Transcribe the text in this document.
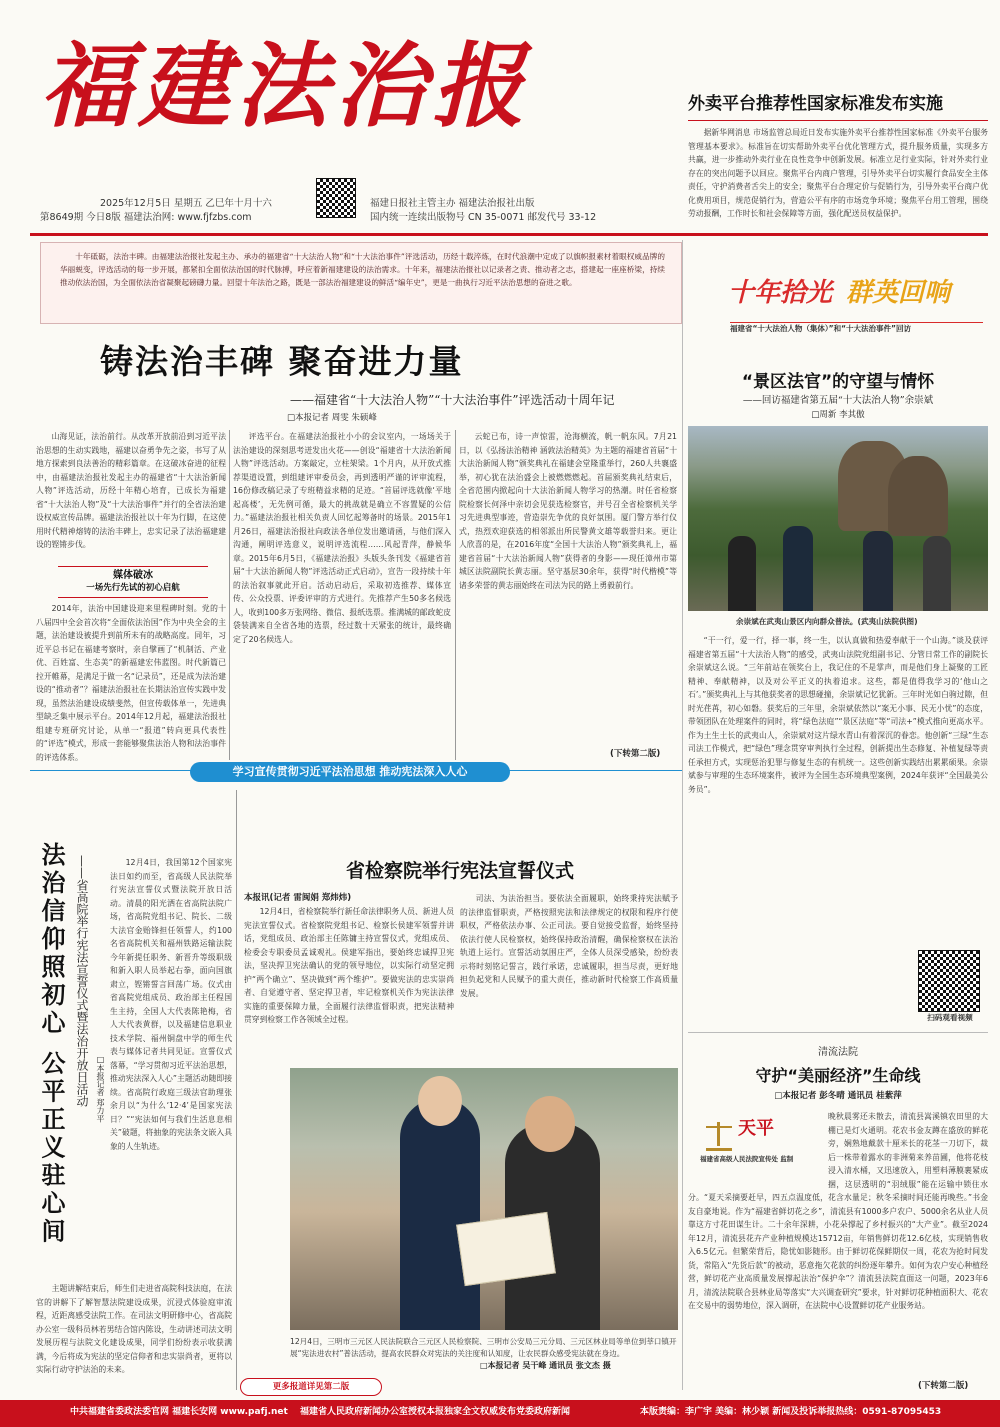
福建法治报
2025年12月5日 星期五 乙巳年十月十六
第8649期 今日8版 福建法治网: www.fjfzbs.com
福建日报社主管主办 福建法治报社出版
国内统一连续出版物号 CN 35-0071 邮发代号 33-12
外卖平台推荐性国家标准发布实施
据新华网消息 市场监管总局近日发布实施外卖平台推荐性国家标准《外卖平台服务管理基本要求》。标准旨在切实帮助外卖平台优化管理方式，提升服务质量，实现多方共赢，进一步推动外卖行业在良性竞争中创新发展。标准立足行业实际，针对外卖行业存在的突出问题予以回应。聚焦平台内商户管理，引导外卖平台切实履行食品安全主体责任，守护消费者舌尖上的安全；聚焦平台合理定价与促销行为，引导外卖平台商户优化费用项目，规范促销行为，营造公平有序的市场竞争环境；聚焦平台用工管理，围绕劳动报酬，工作时长和社会保障等方面，强化配送员权益保护。
十年砥砺，法治丰碑。由福建法治报社发起主办、承办的福建省“十大法治人物”和“十大法治事件”评选活动，历经十载淬炼，在时代浪潮中定成了以旗帜报素材着眼权威品牌的华丽蜕变，评选活动的每一步开展，都紧扣全面依法治国的时代脉搏，呼应着新福建建设的法治需求。十年来，福建法治报社以记录者之责、推动者之志，搭建起一座座桥梁，持续推动依法治国，为全面依法治省凝聚起磅礴力量。回望十年法治之路，既是一部法治福建建设的鲜活“编年史”，更是一曲执行习近平法治思想的奋进之歌。
铸法治丰碑 聚奋进力量
——福建省“十大法治人物”“十大法治事件”评选活动十周年记
□本报记者 周雯 朱硕峰
山海见证，法治前行。从改革开放前沿到习近平法治思想的生动实践地，福建以奋勇争先之姿，书写了从地方探索到良法善治的精彩篇章。在这破冰奋进的征程中，由福建法治报社发起主办的福建省“十大法治新闻人物”评选活动，历经十年精心培育，已成长为福建省“十大法治人物”及“十大法治事件”并行的全省法治建设权威宣传品牌。福建法治报社以十年为行脚，在这使用时代精神熔铸的法治丰碑上，忠实记录了法治福建建设的铿锵步伐。
媒体破冰
一场先行先试的初心启航
2014年，法治中国建设迎来里程碑时刻。党的十八届四中全会首次将“全面依法治国”作为中央全会的主题，法治建设被提升到前所未有的战略高度。同年，习近平总书记在福建考察时，亲自擘画了“机制活、产业优、百姓富、生态美”的新福建宏伟蓝图。时代新篇已拉开帷幕，是满足于做一名“记录员”，还是成为法治建设的“推动者”？福建法治报社在长期法治宣传实践中发现，虽然法治建设成绩斐然，但宣传载体单一，先进典型缺乏集中展示平台。2014年12月起，福建法治报社组建专班研究讨论，从单一“报道”转向更具代表性的“评选”模式，形成一套能够聚焦法治人物和法治事件的评选体系。
评选平台。在福建法治报社小小的会议室内，一场场关于法治建设的深刻思考迸发出火花——创设“福建省十大法治新闻人物”评选活动。方案敲定，立柱架梁。1个月内，从开放式推荐渠道设置，到组建评审委员会，再到透明严谨的评审流程，16份修改稿记录了专班精益求精的足迹。“首届评选就像‘平地起高楼’，无先例可循，最大的挑战就是确立不容置疑的公信力。”福建法治报社相关负责人回忆起筹备时的场景。2015年1月26日，福建法治报社向政法各单位发出邀请函，与他们深入沟通，阐明评选意义，说明评选流程……风起青萍，静候华章。2015年6月5日，《福建法治报》头版头条刊发《福建省首届“十大法治新闻人物”评选活动正式启动》，宣告一段持续十年的法治叙事就此开启。活动启动后，采取初选推荐、媒体宣传、公众投票、评委评审的方式进行。先推荐产生50多名候选人，收到100多万张网络、微信、报纸选票。推满城的邮政蛇皮袋装满来自全省各地的选票，经过数十天紧张的统计，最终确定了20名候选人。
云蛇已布，诗一声惊雷，沧海横流，帆一帆东风。7月21日，以《弘扬法治精神 涵敦法治精英》为主题的福建省首届“十大法治新闻人物”颁奖典礼在福建会堂隆重举行，260人共襄盛举，初心犹在法治盛会上被燃燃燃起。首届颁奖典礼结束后，全省范围内掀起向十大法治新闻人物学习的热潮。时任省检察院检察长何泽中亲切会见获选检察官，并号召全省检察机关学习先进典型事迹，营造崇先争优的良好氛围。厦门警方举行仪式，热烈欢迎获选的相邻派出所民警黄文雄等载誉归来。更让人欣喜的是，在2016年度“全国十大法治人物”颁奖典礼上，福建省首届“十大法治新闻人物”获得者的身影——现任漳州市第城区法院副院长黄志丽。坚守基层30余年，获得“时代楷模”等诸多荣誉的黄志丽始终在司法为民的路上勇毅前行。
(下转第二版)
十年拾光 群英回响
福建省“十大法治人物（集体）”和“十大法治事件”回访
“景区法官”的守望与情怀
——回访福建省第五届“十大法治人物”余崇斌
□周新 李其傲
余崇斌在武夷山景区内向群众普法。(武夷山法院供图)
“干一行，爱一行，择一事，终一生，以认真做和热爱奉献于一个山海。”谈及获评福建省第五届“十大法治人物”的感受，武夷山法院党组副书记、分管日常工作的副院长余崇斌这么说。“三年前站在领奖台上，我记住的不是掌声，而是他们身上凝聚的工匠精神、奉献精神，以及对公平正义的执着追求。这些，都是值得我学习的‘他山之石’。”颁奖典礼上与其他获奖者的思想碰撞，余崇斌记忆犹新。三年时光如白驹过隙，但时光荏苒，初心如磐。获奖后的三年里，余崇斌依然以“案无小事、民无小忧”的态度，带领团队在处理案件的同时，将“绿色法庭”“景区法庭”等“司法+”模式推向更高水平。作为土生土长的武夷山人，余崇斌对这片绿水青山有着深沉的眷恋。他创新“三绿”生态司法工作模式，把“绿色”理念贯穿审判执行全过程，创新提出生态修复、补植复绿等责任承担方式，实现惩治犯罪与修复生态的有机统一。这些创新实践结出累累硕果。余崇斌参与审理的生态环境案件，被评为全国生态环境典型案例，2024年获评“全国最美公务员”。
扫码观看视频
学习宣传贯彻习近平法治思想 推动宪法深入人心
法治信仰照初心 公平正义驻心间 ——省高院举行宪法宣誓仪式暨法治开放日活动 □本报记者 郑力平
12月4日，我国第12个国家宪法日如约而至，省高级人民法院举行宪法宣誓仪式暨法院开放日活动。清晨的阳光洒在省高院法院广场，省高院党组书记、院长、二级大法官金贻锋担任领誓人，约100名省高院机关和福州铁路运输法院今年新提任职务、新晋升等级职级和新入职人员举起右拳，面向国旗肃立，铿锵誓言回荡广场。仪式由省高院党组成员、政治部主任程国生主持，全国人大代表陈艳梅，省人大代表黄群，以及福建信息职业技术学院、福州铜盘中学的师生代表与媒体记者共同见证。宣誓仪式落幕，“学习贯彻习近平法治思想，推动宪法深入人心”主题活动随即接续。省高院行政庭三级法官助理张余月以“为什么‘12·4’是国家宪法日？”“宪法如何与我们生活息息相关”破题，将抽象的宪法条文嵌入具象的人生轨迹。
主题讲解结束后，师生们走进省高院科技法庭，在法官的讲解下了解智慧法院建设成果，沉浸式体验庭审流程，近距离感受法院工作。在司法文明研修中心，省高院办公室一级科员林若男结合馆内陈设，生动讲述司法文明发展历程与法院文化建设成果，同学们纷纷表示收获满满，今后将成为宪法的坚定信仰者和忠实崇尚者，更将以实际行动守护法治的未来。
省检察院举行宪法宣誓仪式
本报讯(记者 雷闽娟 郑炜炜)
12月4日，省检察院举行新任命法律职务人员、新进人员宪法宣誓仪式。省检察院党组书记、检察长侯建军领誓并讲话，党组成员、政治部主任陈镛主持宣誓仪式，党组成员、检委会专职委员孟诚观礼。侯建军指出，要始终忠诚捍卫宪法，坚决捍卫宪法确认的党的领导地位，以实际行动坚定拥护“两个确立”、坚决做到“两个维护”。要做宪法的忠实崇尚者、自觉遵守者、坚定捍卫者，牢记检察机关作为宪法法律实施的重要保障力量，全面履行法律监督职责，把宪法精神贯穿到检察工作各领域全过程。
司法、为法治担当。要依法全面履职，始终秉持宪法赋予的法律监督职责，严格按照宪法和法律规定的权限和程序行使职权，严格依法办事、公正司法。要自觉接受监督，始终坚持依法行使人民检察权，始终保持政治清醒，确保检察权在法治轨道上运行。宣誓活动氛围庄严，全体人员深受感染，纷纷表示将时刻铭记誓言，践行承诺，忠诚履职，担当尽责，更好地担负起党和人民赋予的重大责任，推动新时代检察工作高质量发展。
12月4日，三明市三元区人民法院联合三元区人民检察院、三明市公安局三元分局、三元区林业局等单位到莘口镇开展“宪法进农村”普法活动，提高农民群众对宪法的关注度和认知度，让农民群众感受宪法就在身边。
□本报记者 吴干峰 通讯员 张文杰 摄
更多报道详见第二版
清流法院
守护“美丽经济”生命线
□本报记者 彭冬晴 通讯员 桂紫萍
天平
福建省高级人民法院宣传处 监制
晚秋晨雾还未散去，清流县嵩溪镇农田里的大棚已是灯火通明。花农书金友蹲在盛放的鲜花旁，娴熟地戴款十厘米长的花茎一刀切下，裁后一株带着露水的非洲菊来养苗圃，他将花枝浸入清水桶，又迅速放入，用塑料薄膜裹紧成捆，这层透明的“羽绒服”能在运输中锁住水分。“夏天采摘要赶早，四五点温度低，花含水量足；秋冬采摘时间还能再晚些。”书金友自豪地说。作为“福建省鲜切花之乡”，清流县有1000多户农户、5000余名从业人员靠这方寸花田谋生计。二十余年深耕，小花朵撑起了乡村振兴的“大产业”。截至2024年12月，清流县花卉产业种植规模达15712亩，年销售鲜切花12.6亿枝，实现销售收入6.5亿元。但繁荣背后，隐忧如影随形。由于鲜切花保鲜期仅一周，花农为抢时间发货，常陷入“先货后款”的被动，恶意拖欠花款的纠纷逐年攀升。如何为农户安心种植经营，鲜切花产业高质量发展撑起法治“保护伞”？清流县法院直面这一问题，2023年6月，清流法院联合县林业局等落实“大兴调查研究”要求，针对鲜切花种植面积大、花农在交易中的弱势地位，深入调研，在法院中心设置鲜切花产业服务站。
(下转第二版)
中共福建省委政法委官网 福建长安网 www.pafj.net	福建省人民政府新闻办公室授权本报独家全文权威发布党委政府新闻	本版责编：李广宇 美编：林少颖 新闻及投诉举报热线：0591-87095453
